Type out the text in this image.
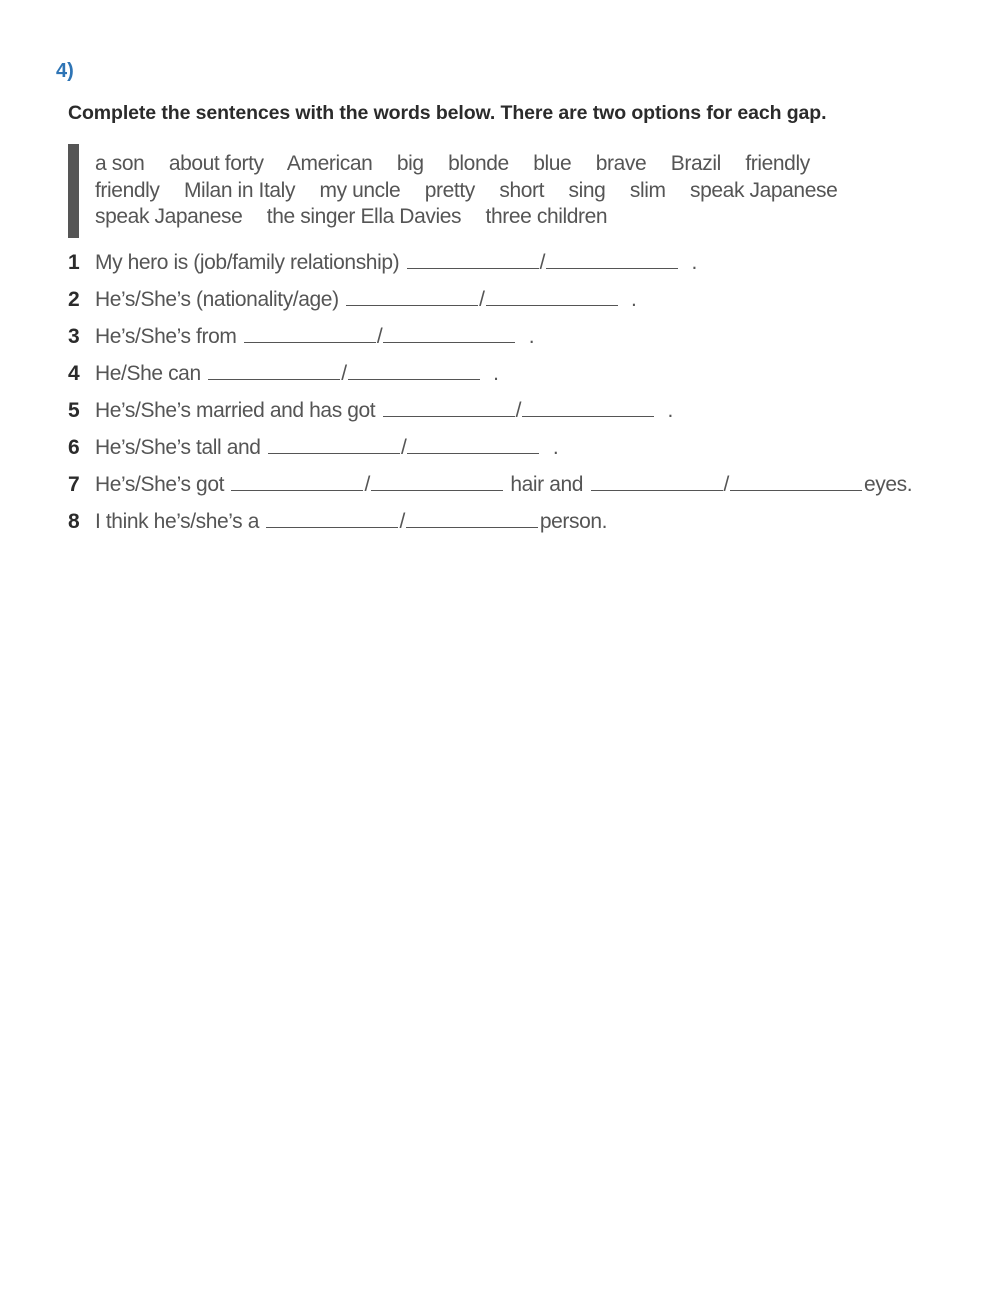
4)
Complete the sentences with the words below. There are two options for each gap.
a son about forty American big blonde blue brave Brazil friendly
friendly Milan in Italy my uncle pretty short sing slim speak Japanese
speak Japanese the singer Ella Davies three children
1 My hero is (job/family relationship)	/	.
2 He’s/She’s (nationality/age)	/	.
3 He’s/She’s from	/	.
4 He/She can	/	.
5 He’s/She’s married and has got	/	.
6 He’s/She’s tall and	/	.
7 He’s/She’s got	/	hair and	/	eyes.
8 I think he’s/she’s a	/	person.
